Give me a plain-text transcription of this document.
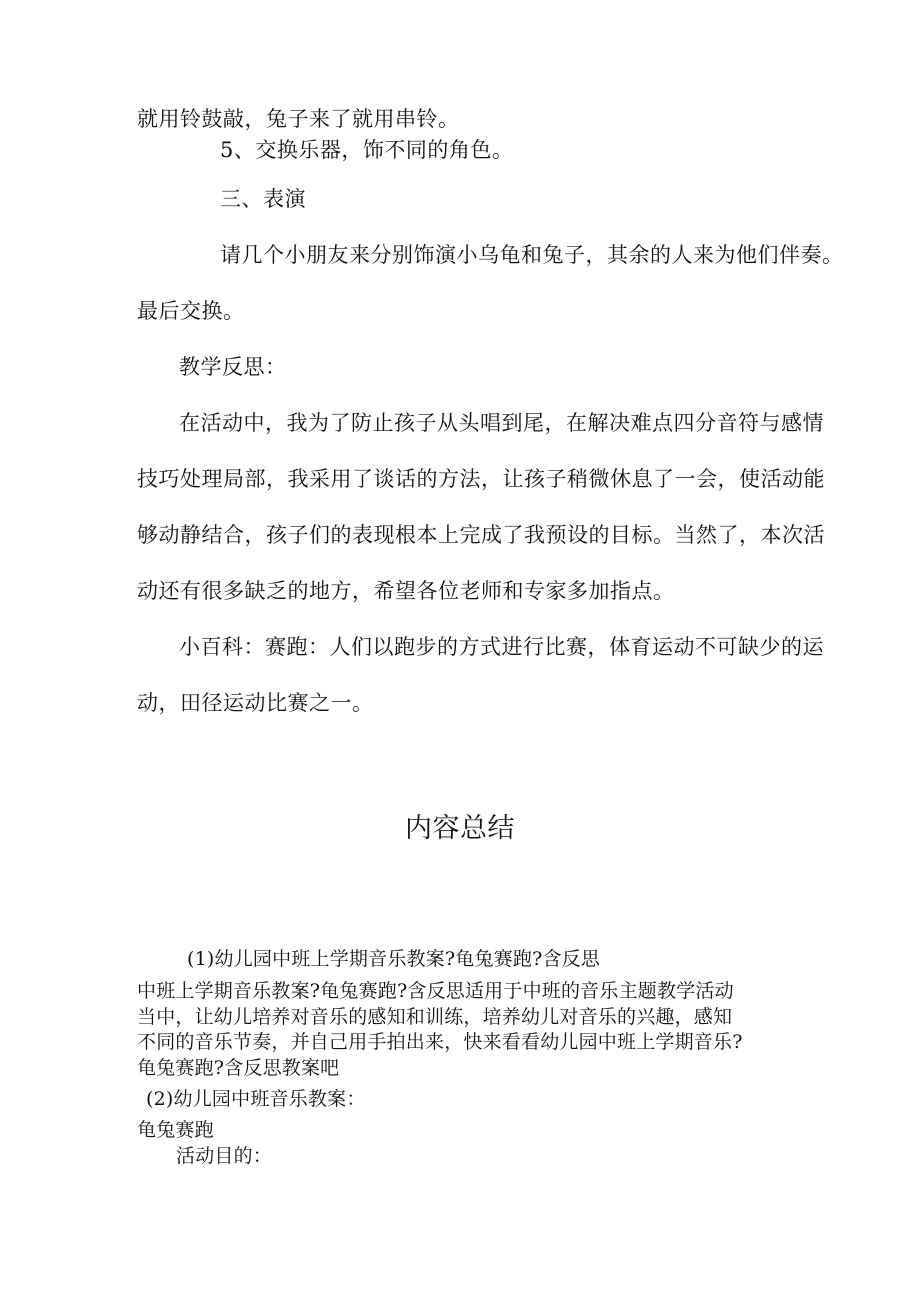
就用铃鼓敲，兔子来了就用串铃。
5、交换乐器，饰不同的角色。
三、表演
请几个小朋友来分别饰演小乌龟和兔子，其余的人来为他们伴奏。
最后交换。
教学反思：
在活动中，我为了防止孩子从头唱到尾，在解决难点四分音符与感情
技巧处理局部，我采用了谈话的方法，让孩子稍微休息了一会，使活动能
够动静结合，孩子们的表现根本上完成了我预设的目标。当然了，本次活
动还有很多缺乏的地方，希望各位老师和专家多加指点。
小百科：赛跑：人们以跑步的方式进行比赛，体育运动不可缺少的运
动，田径运动比赛之一。
内容总结
(1)幼儿园中班上学期音乐教案?龟兔赛跑?含反思
中班上学期音乐教案?龟兔赛跑?含反思适用于中班的音乐主题教学活动
当中，让幼儿培养对音乐的感知和训练，培养幼儿对音乐的兴趣，感知
不同的音乐节奏，并自己用手拍出来，快来看看幼儿园中班上学期音乐?
龟兔赛跑?含反思教案吧
(2)幼儿园中班音乐教案：
龟兔赛跑
活动目的：
